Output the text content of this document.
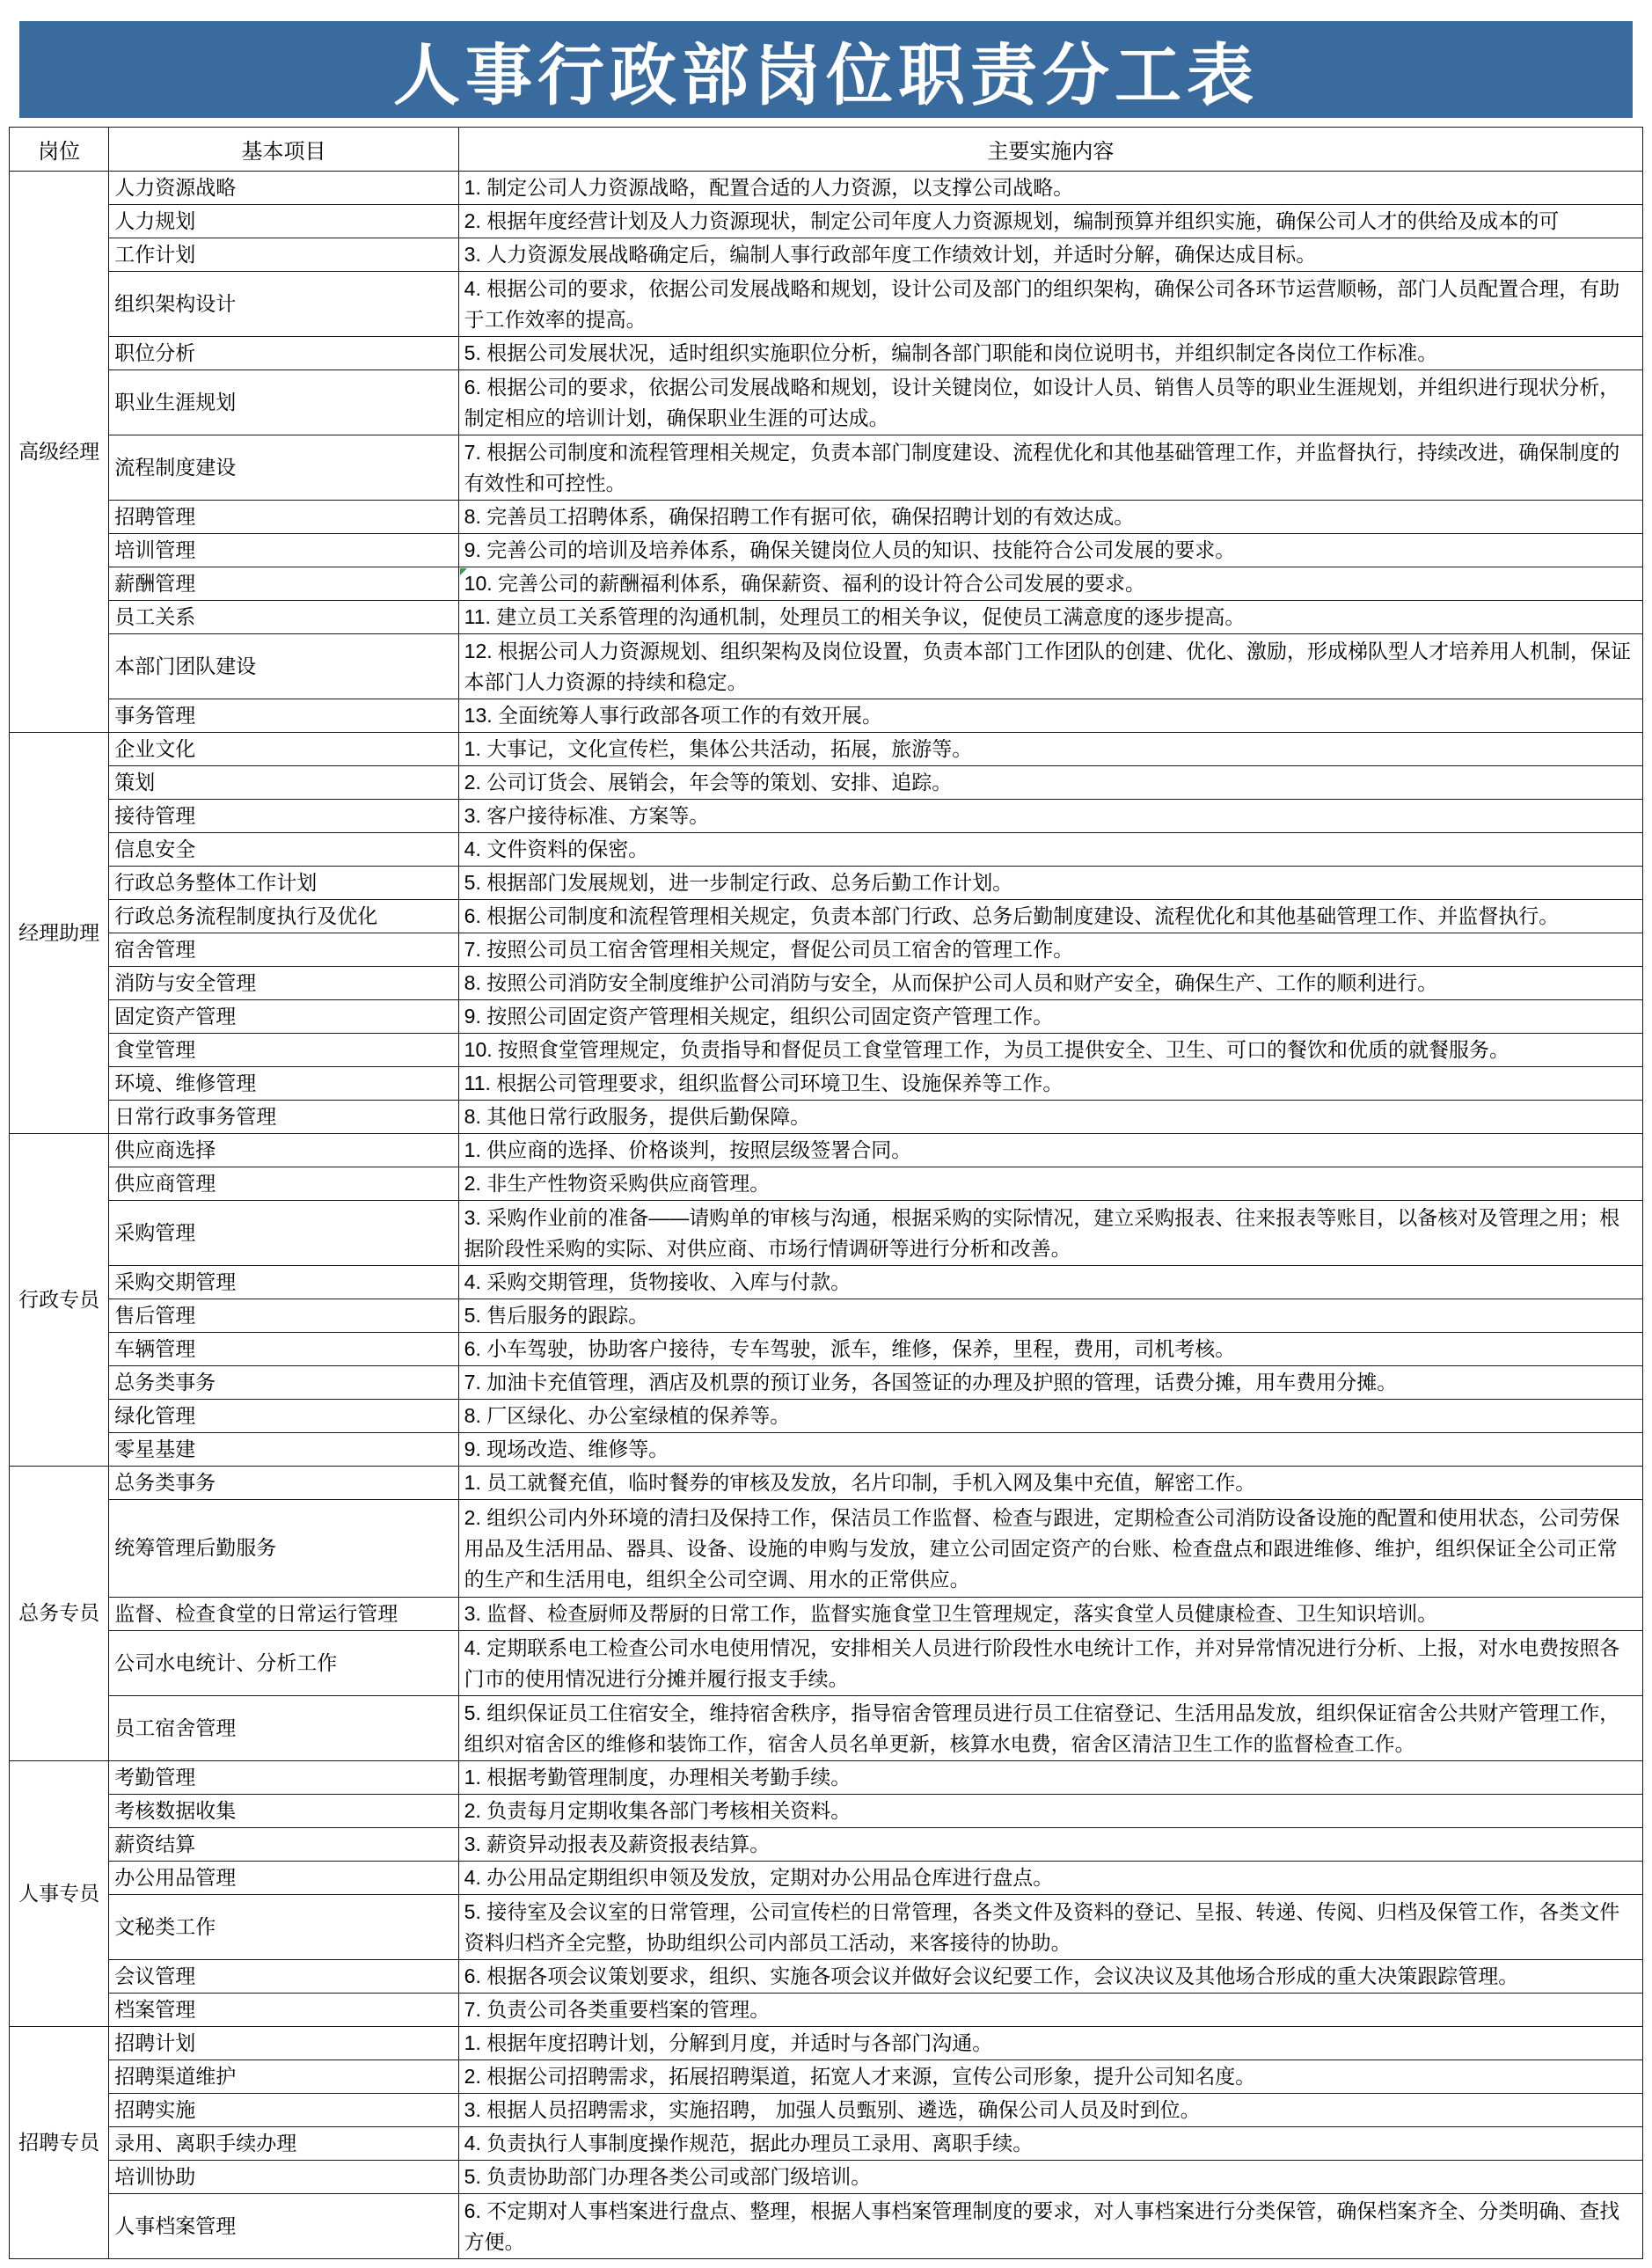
人事行政部岗位职责分工表
岗位	基本项目	主要实施内容
高级经理	人力资源战略	1. 制定公司人力资源战略，配置合适的人力资源，以支撑公司战略。
	人力规划	2. 根据年度经营计划及人力资源现状，制定公司年度人力资源规划，编制预算并组织实施，确保公司人才的供给及成本的可
	工作计划	3. 人力资源发展战略确定后，编制人事行政部年度工作绩效计划，并适时分解，确保达成目标。
	组织架构设计	4. 根据公司的要求，依据公司发展战略和规划，设计公司及部门的组织架构，确保公司各环节运营顺畅，部门人员配置合理，有助于工作效率的提高。
	职位分析	5. 根据公司发展状况，适时组织实施职位分析，编制各部门职能和岗位说明书，并组织制定各岗位工作标准。
	职业生涯规划	6. 根据公司的要求，依据公司发展战略和规划，设计关键岗位，如设计人员、销售人员等的职业生涯规划，并组织进行现状分析，制定相应的培训计划，确保职业生涯的可达成。
	流程制度建设	7. 根据公司制度和流程管理相关规定，负责本部门制度建设、流程优化和其他基础管理工作，并监督执行，持续改进，确保制度的有效性和可控性。
	招聘管理	8. 完善员工招聘体系，确保招聘工作有据可依，确保招聘计划的有效达成。
	培训管理	9. 完善公司的培训及培养体系，确保关键岗位人员的知识、技能符合公司发展的要求。
	薪酬管理	10. 完善公司的薪酬福利体系，确保薪资、福利的设计符合公司发展的要求。
	员工关系	11. 建立员工关系管理的沟通机制，处理员工的相关争议，促使员工满意度的逐步提高。
	本部门团队建设	12. 根据公司人力资源规划、组织架构及岗位设置，负责本部门工作团队的创建、优化、激励，形成梯队型人才培养用人机制，保证本部门人力资源的持续和稳定。
	事务管理	13. 全面统筹人事行政部各项工作的有效开展。
经理助理	企业文化	1. 大事记，文化宣传栏，集体公共活动，拓展，旅游等。
	策划	2. 公司订货会、展销会，年会等的策划、安排、追踪。
	接待管理	3. 客户接待标准、方案等。
	信息安全	4. 文件资料的保密。
	行政总务整体工作计划	5. 根据部门发展规划，进一步制定行政、总务后勤工作计划。
	行政总务流程制度执行及优化	6. 根据公司制度和流程管理相关规定，负责本部门行政、总务后勤制度建设、流程优化和其他基础管理工作、并监督执行。
	宿舍管理	7. 按照公司员工宿舍管理相关规定，督促公司员工宿舍的管理工作。
	消防与安全管理	8. 按照公司消防安全制度维护公司消防与安全，从而保护公司人员和财产安全，确保生产、工作的顺利进行。
	固定资产管理	9. 按照公司固定资产管理相关规定，组织公司固定资产管理工作。
	食堂管理	10. 按照食堂管理规定，负责指导和督促员工食堂管理工作，为员工提供安全、卫生、可口的餐饮和优质的就餐服务。
	环境、维修管理	11. 根据公司管理要求，组织监督公司环境卫生、设施保养等工作。
	日常行政事务管理	8. 其他日常行政服务，提供后勤保障。
行政专员	供应商选择	1. 供应商的选择、价格谈判，按照层级签署合同。
	供应商管理	2. 非生产性物资采购供应商管理。
	采购管理	3. 采购作业前的准备——请购单的审核与沟通，根据采购的实际情况，建立采购报表、往来报表等账目，以备核对及管理之用；根据阶段性采购的实际、对供应商、市场行情调研等进行分析和改善。
	采购交期管理	4. 采购交期管理，货物接收、入库与付款。
	售后管理	5. 售后服务的跟踪。
	车辆管理	6. 小车驾驶，协助客户接待，专车驾驶，派车，维修，保养，里程，费用，司机考核。
	总务类事务	7. 加油卡充值管理，酒店及机票的预订业务，各国签证的办理及护照的管理，话费分摊，用车费用分摊。
	绿化管理	8. 厂区绿化、办公室绿植的保养等。
	零星基建	9. 现场改造、维修等。
总务专员	总务类事务	1. 员工就餐充值，临时餐券的审核及发放，名片印制，手机入网及集中充值，解密工作。
	统筹管理后勤服务	2. 组织公司内外环境的清扫及保持工作，保洁员工作监督、检查与跟进，定期检查公司消防设备设施的配置和使用状态，公司劳保用品及生活用品、器具、设备、设施的申购与发放，建立公司固定资产的台账、检查盘点和跟进维修、维护，组织保证全公司正常的生产和生活用电，组织全公司空调、用水的正常供应。
	监督、检查食堂的日常运行管理	3. 监督、检查厨师及帮厨的日常工作，监督实施食堂卫生管理规定，落实食堂人员健康检查、卫生知识培训。
	公司水电统计、分析工作	4. 定期联系电工检查公司水电使用情况，安排相关人员进行阶段性水电统计工作，并对异常情况进行分析、上报，对水电费按照各门市的使用情况进行分摊并履行报支手续。
	员工宿舍管理	5. 组织保证员工住宿安全，维持宿舍秩序，指导宿舍管理员进行员工住宿登记、生活用品发放，组织保证宿舍公共财产管理工作，组织对宿舍区的维修和装饰工作，宿舍人员名单更新，核算水电费，宿舍区清洁卫生工作的监督检查工作。
人事专员	考勤管理	1. 根据考勤管理制度，办理相关考勤手续。
	考核数据收集	2. 负责每月定期收集各部门考核相关资料。
	薪资结算	3. 薪资异动报表及薪资报表结算。
	办公用品管理	4. 办公用品定期组织申领及发放，定期对办公用品仓库进行盘点。
	文秘类工作	5. 接待室及会议室的日常管理，公司宣传栏的日常管理，各类文件及资料的登记、呈报、转递、传阅、归档及保管工作，各类文件资料归档齐全完整，协助组织公司内部员工活动，来客接待的协助。
	会议管理	6. 根据各项会议策划要求，组织、实施各项会议并做好会议纪要工作，会议决议及其他场合形成的重大决策跟踪管理。
	档案管理	7. 负责公司各类重要档案的管理。
招聘专员	招聘计划	1. 根据年度招聘计划，分解到月度，并适时与各部门沟通。
	招聘渠道维护	2. 根据公司招聘需求，拓展招聘渠道，拓宽人才来源，宣传公司形象，提升公司知名度。
	招聘实施	3. 根据人员招聘需求，实施招聘， 加强人员甄别、遴选，确保公司人员及时到位。
	录用、离职手续办理	4. 负责执行人事制度操作规范，据此办理员工录用、离职手续。
	培训协助	5. 负责协助部门办理各类公司或部门级培训。
	人事档案管理	6. 不定期对人事档案进行盘点、整理，根据人事档案管理制度的要求，对人事档案进行分类保管，确保档案齐全、分类明确、查找方便。
